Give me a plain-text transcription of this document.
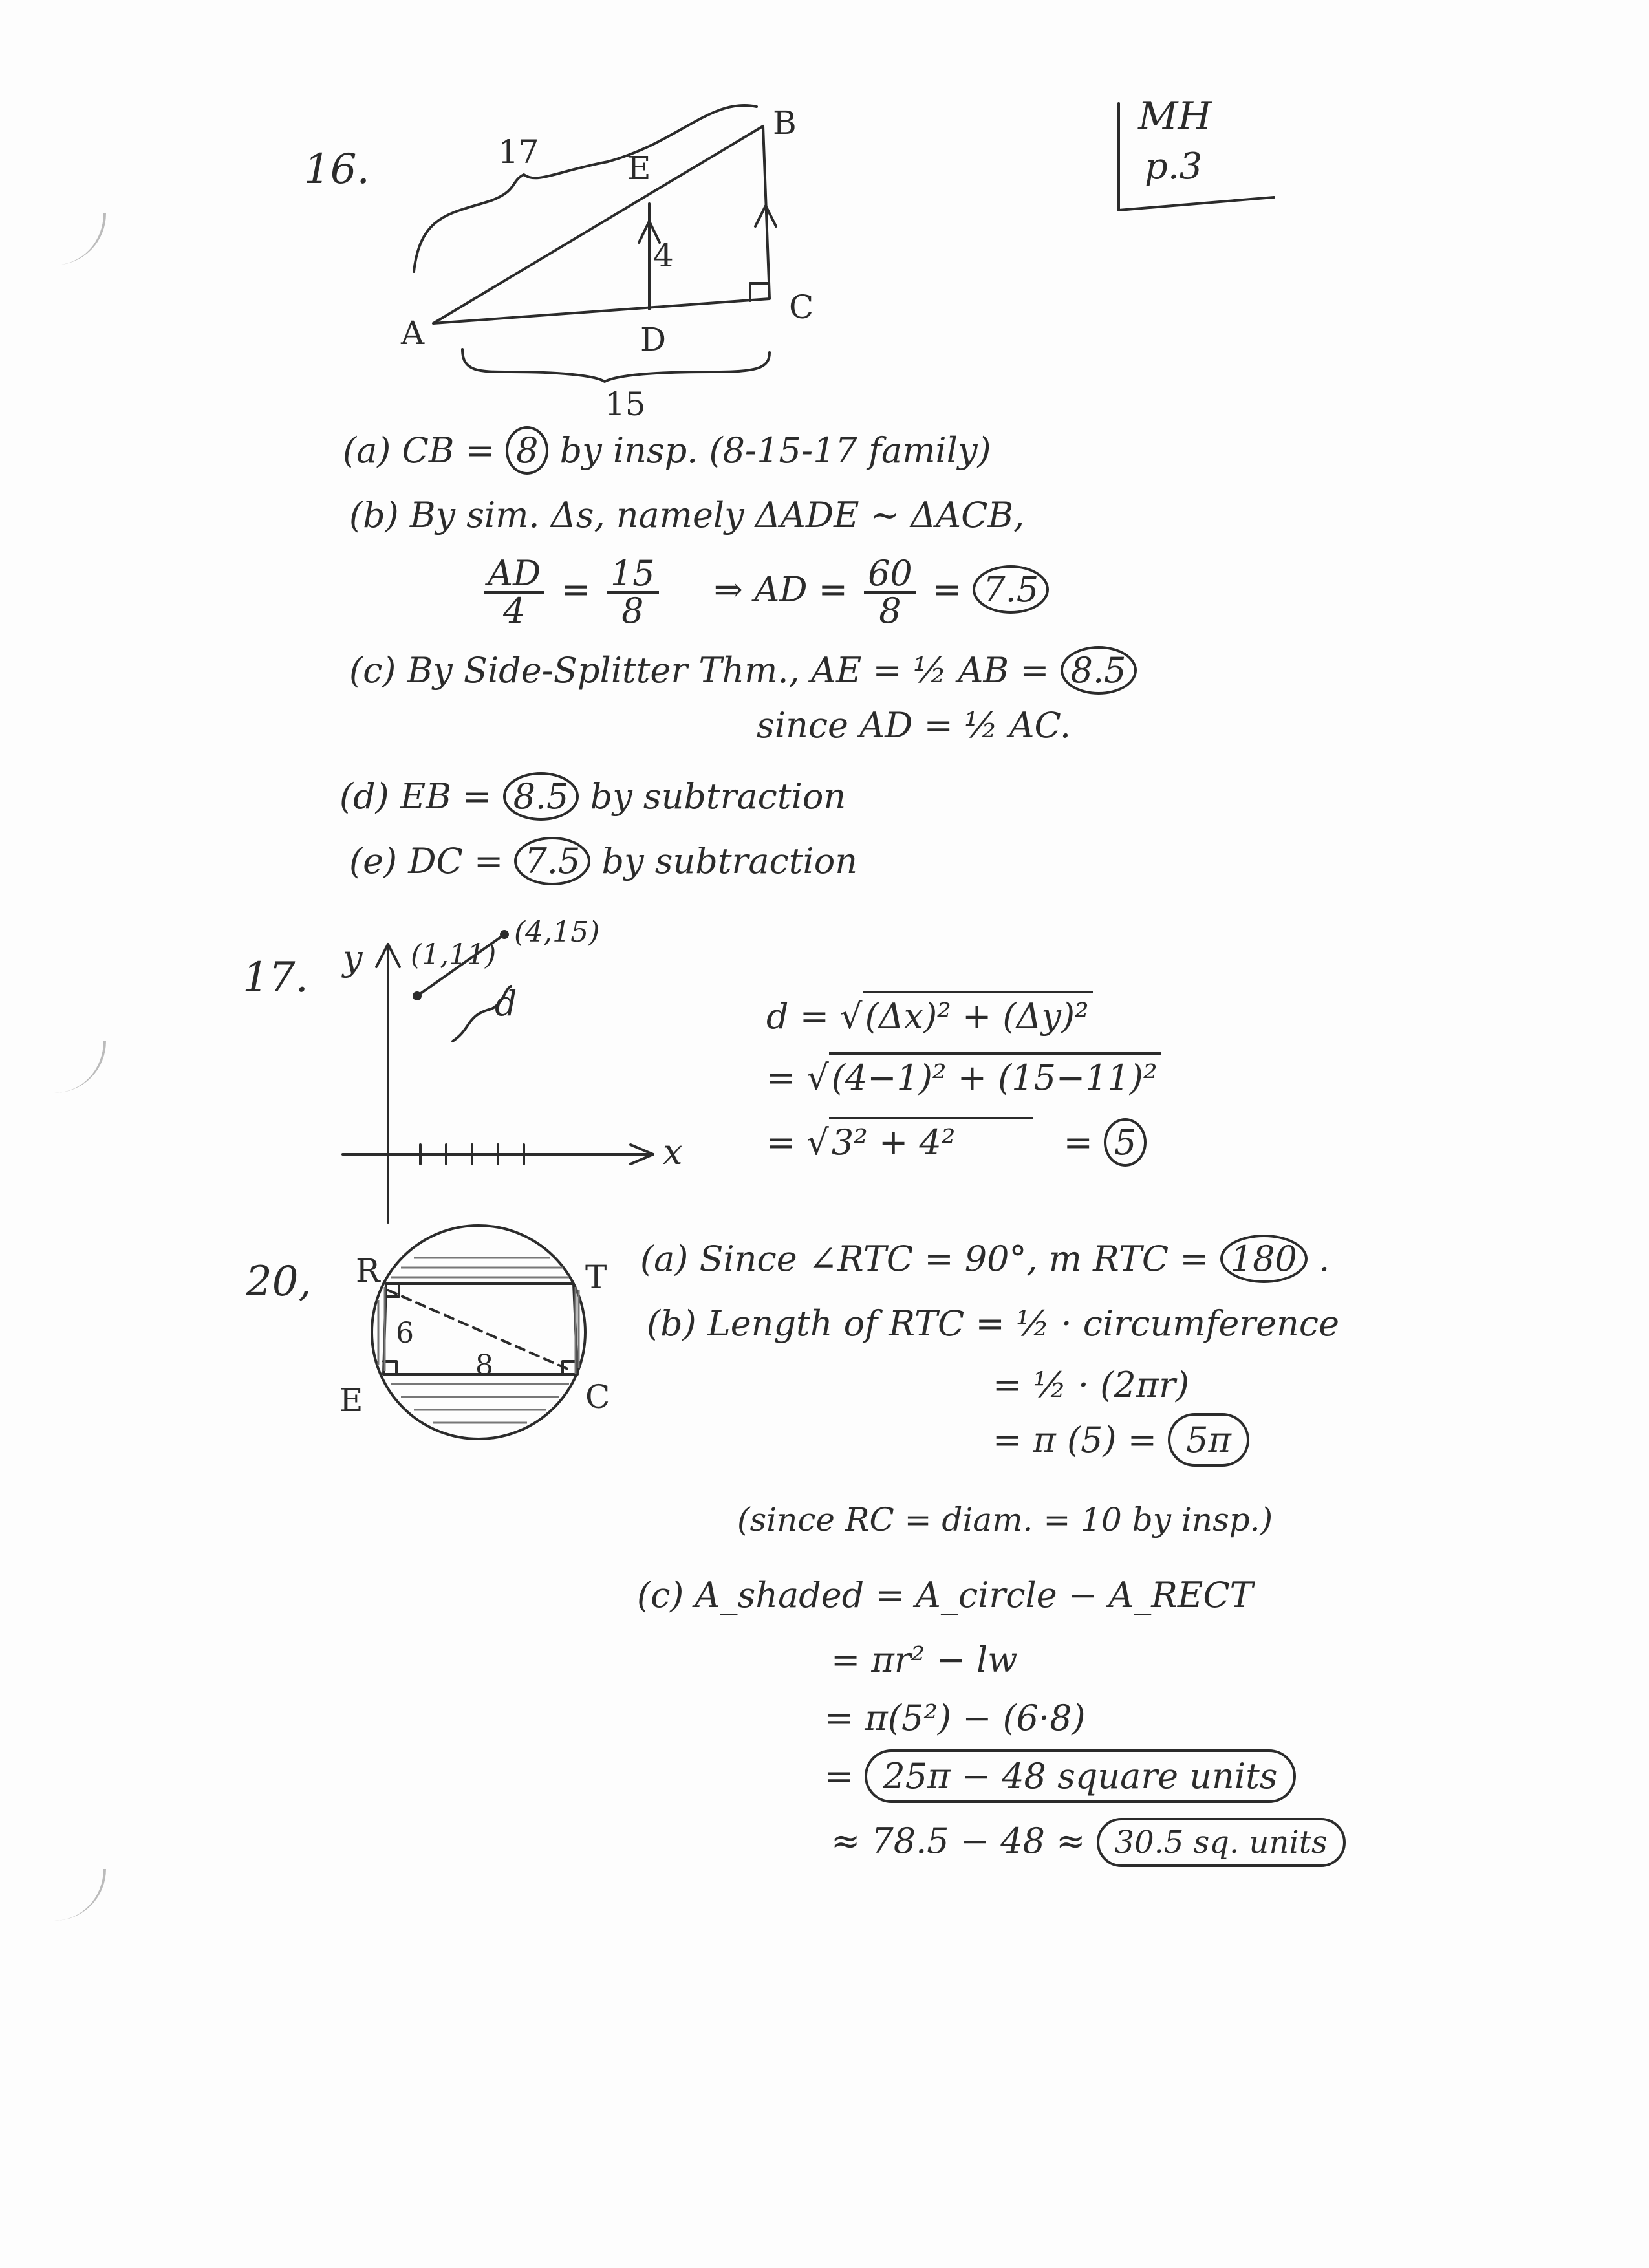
MH
p.3
16.	17	E
B
4
A	D
C
15
(a) CB = 8 by insp. (8-15-17 family)
(b) By sim. Δs, namely ΔADE ~ ΔACB,
$\frac{AD}{4} = \frac{15}{8}$ ⇒ AD = $\frac{60}{8} = 7.5$
(c) By Side-Splitter Thm., AE = ½ AB = 8.5
since AD = ½ AC.
(d) EB = 8.5 by subtraction
(e) DC = 7.5 by subtraction
17. y
x
(1,11)
(4,15)
d	d = √(Δx)² + (Δy)²
= √(4−1)² + (15−11)²
= √3² + 4²	= 5
20, R	T
E	C
6
8
(a) Since ∠RTC = 90°, m RTC = 180 .
(b) Length of RTC = ½ · circumference
= ½ · (2πr)
= π (5) = 5π
(since RC = diam. = 10 by insp.)
(c) A_shaded = A_circle − A_RECT
= πr² − lw
= π(5²) − (6·8)
= 25π − 48 square units
≈ 78.5 − 48 ≈ 30.5 sq. units
